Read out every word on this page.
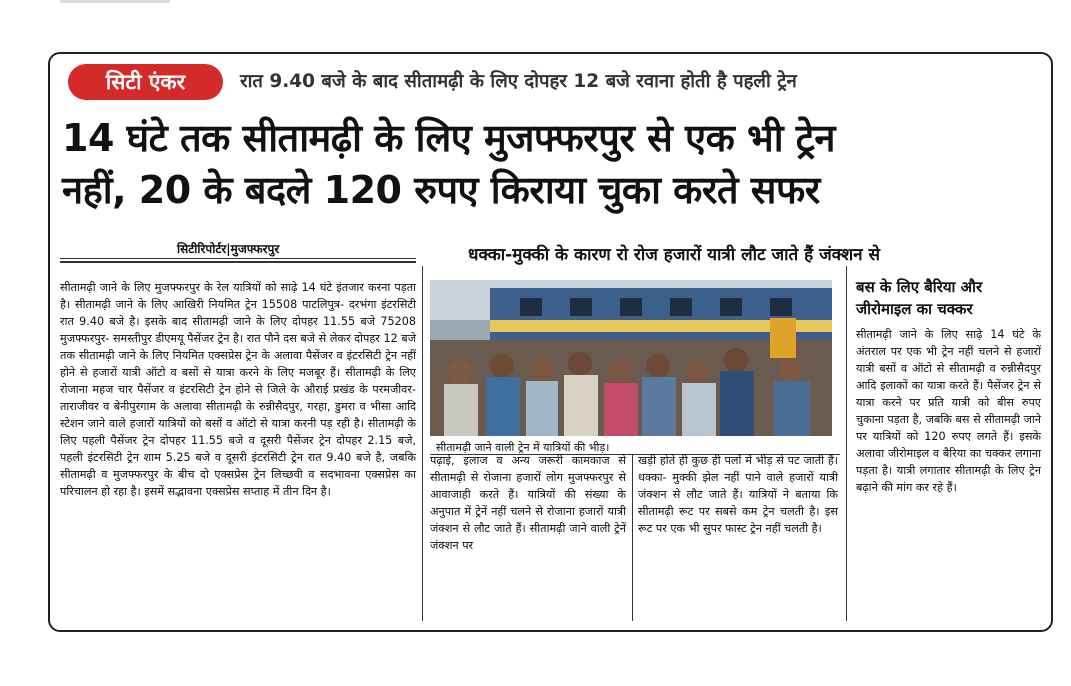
सिटी एंकर	रात 9.40 बजे के बाद सीतामढ़ी के लिए दोपहर 12 बजे रवाना होती है पहली ट्रेन
14 घंटे तक सीतामढ़ी के लिए मुजफ्फरपुर से एक भी ट्रेन
नहीं, 20 के बदले 120 रुपए किराया चुका करते सफर
सिटीरिपोर्टर|मुजफ्फरपुर	धक्का-मुक्की के कारण रो रोज हजारों यात्री लौट जाते हैं जंक्शन से
सीतामढ़ी जाने के लिए मुजफ्फरपुर के रेल यात्रियों को साढ़े 14 घंटे इंतजार करना पड़ता है। सीतामढ़ी जाने के लिए आखिरी नियमित ट्रेन 15508 पाटलिपुत्र- दरभंगा इंटरसिटी रात 9.40 बजे है। इसके बाद सीतामढ़ी जाने के लिए दोपहर 11.55 बजे 75208 मुजफ्फरपुर- समस्तीपुर डीएमयू पैसेंजर ट्रेन है। रात पौने दस बजे से लेकर दोपहर 12 बजे तक सीतामढ़ी जाने के लिए नियमित एक्सप्रेस ट्रेन के अलावा पैसेंजर व इंटरसिटी ट्रेन नहीं होने से हजारों यात्री ऑटो व बसों से यात्रा करने के लिए मजबूर हैं। सीतामढ़ी के लिए रोजाना महज चार पैसेंजर व इंटरसिटी ट्रेन होने से जिले के औराई प्रखंड के परमजीवर- ताराजीवर व बेनीपुरगाम के अलावा सीतामढ़ी के रुन्नीसैदपुर, गरहा, डुमरा व भीसा आदि स्टेशन जाने वाले हजारों यात्रियों को बसों व ऑटो से यात्रा करनी पड़ रही है। सीतामढ़ी के लिए पहली पैसेंजर ट्रेन दोपहर 11.55 बजे व दूसरी पैसेंजर ट्रेन दोपहर 2.15 बजे, पहली इंटरसिटी ट्रेन शाम 5.25 बजे व दूसरी इंटरसिटी ट्रेन रात 9.40 बजे है, जबकि सीतामढ़ी व मुजफ्फरपुर के बीच दो एक्सप्रेस ट्रेन लिच्छवी व सदभावना एक्सप्रेस का परिचालन हो रहा है। इसमें सद्भावना एक्सप्रेस सप्ताह में तीन दिन है।
सीतामढ़ी जाने वाली ट्रेन में यात्रियों की भीड़।
पढ़ाई, इलाज व अन्य जरूरी कामकाज से सीतामढ़ी से रोजाना हजारों लोग मुजफ्फरपुर से आवाजाही करते हैं। यात्रियों की संख्या के अनुपात में ट्रेनें नहीं चलने से रोजाना हजारों यात्री जंक्शन से लौट जाते हैं। सीतामढ़ी जाने वाली ट्रेनें जंक्शन पर
खड़ी होते ही कुछ ही पलों में भीड़ से पट जाती हैं। धक्का- मुक्की झेल नहीं पाने वाले हजारों यात्री जंक्शन से लौट जाते हैं। यात्रियों ने बताया कि सीतामढ़ी रूट पर सबसे कम ट्रेन चलती है। इस रूट पर एक भी सुपर फास्ट ट्रेन नहीं चलती है।
बस के लिए बैरिया और जीरोमाइल का चक्कर
सीतामढ़ी जाने के लिए साढ़े 14 घंटे के अंतराल पर एक भी ट्रेन नहीं चलने से हजारों यात्री बसों व ऑटो से सीतामढ़ी व रुन्नीसैदपुर आदि इलाकों का यात्रा करते हैं। पैसेंजर ट्रेन से यात्रा करने पर प्रति यात्री को बीस रुपए चुकाना पड़ता है, जबकि बस से सीतामढ़ी जाने पर यात्रियों को 120 रुपए लगते हैं। इसके अलावा जीरोमाइल व बैरिया का चक्कर लगाना पड़ता है। यात्री लगातार सीतामढ़ी के लिए ट्रेन बढ़ाने की मांग कर रहे हैं।
